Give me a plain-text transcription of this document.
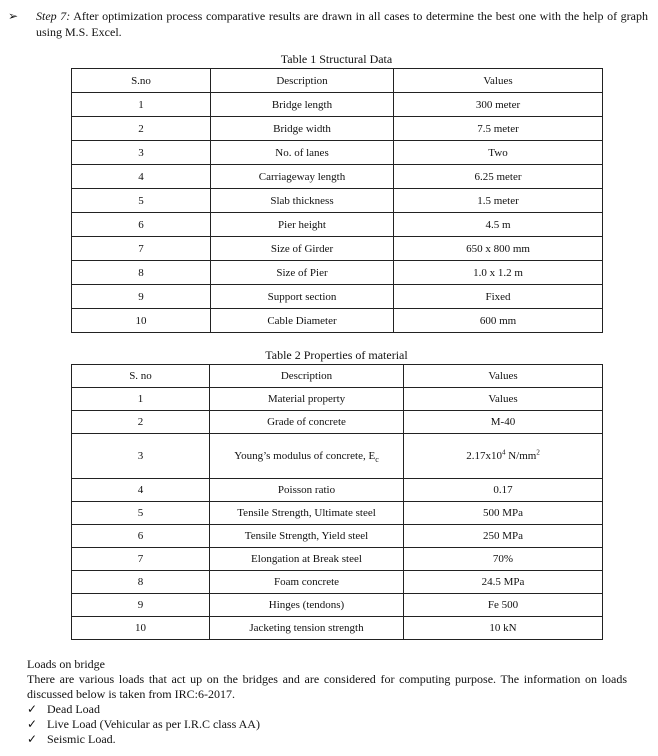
➢	Step 7: After optimization process comparative results are drawn in all cases to determine the best one with the help of graph using M.S. Excel.
Table 1 Structural Data
S.no	Description	Values
1	Bridge length	300 meter
2	Bridge width	7.5 meter
3	No. of lanes	Two
4	Carriageway length	6.25 meter
5	Slab thickness	1.5 meter
6	Pier height	4.5 m
7	Size of Girder	650 x 800 mm
8	Size of Pier	1.0 x 1.2 m
9	Support section	Fixed
10	Cable Diameter	600 mm
Table 2 Properties of material
S. no	Description	Values
1	Material property	Values
2	Grade of concrete	M-40
3	Young’s modulus of concrete, $E_c$	$2.17x10^4$ $N/mm^2$
4	Poisson ratio	0.17
5	Tensile Strength, Ultimate steel	500 MPa
6	Tensile Strength, Yield steel	250 MPa
7	Elongation at Break steel	70%
8	Foam concrete	24.5 MPa
9	Hinges (tendons)	Fe 500
10	Jacketing tension strength	10 kN

Loads on bridge

There are various loads that act up on the bridges and are considered for computing purpose. The information on loads discussed below is taken from IRC:6-2017.

✓ Dead Load
✓ Live Load (Vehicular as per I.R.C class AA)
✓ Seismic Load.
